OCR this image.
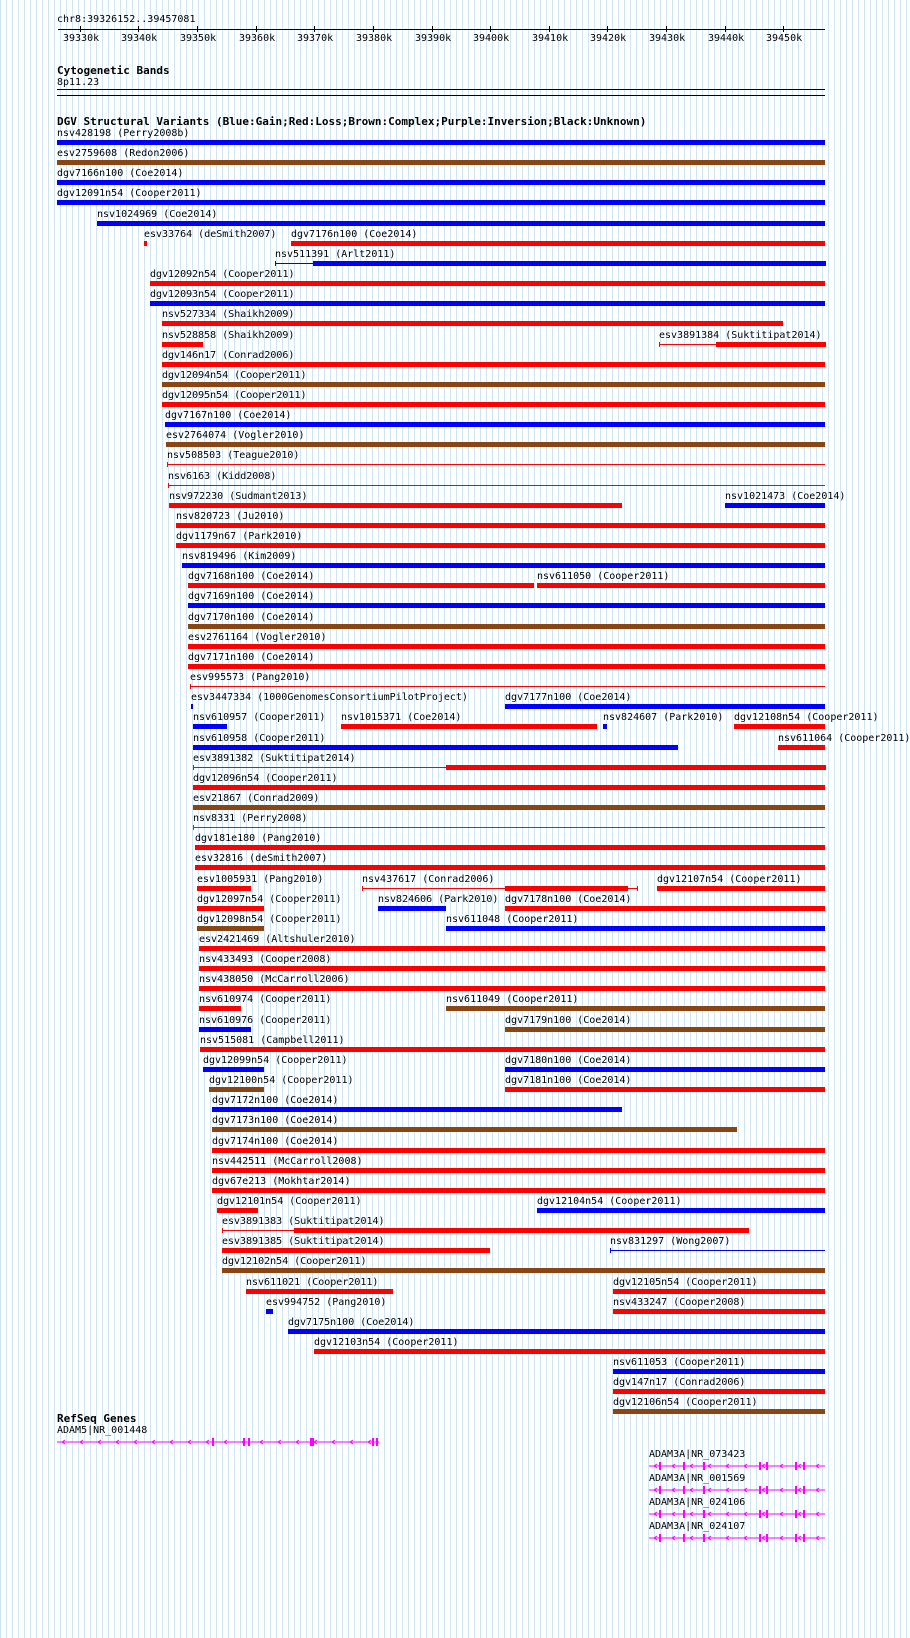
chr8:39326152..39457081
39330k 39340k 39350k 39360k 39370k 39380k 39390k 39400k 39410k 39420k 39430k 39440k 39450k
Cytogenetic Bands
8p11.23
DGV Structural Variants (Blue:Gain;Red:Loss;Brown:Complex;Purple:Inversion;Black:Unknown)
nsv428198 (Perry2008b)
esv2759608 (Redon2006)
dgv7166n100 (Coe2014)
dgv12091n54 (Cooper2011)
nsv1024969 (Coe2014)
esv33764 (deSmith2007)
nsv511391 (Arlt2011)
dgv12092n54 (Cooper2011)
dgv12093n54 (Cooper2011)
nsv527334 (Shaikh2009)
nsv528858 (Shaikh2009)
dgv7176n100 (Coe2014)
dgv146n17 (Conrad2006)
dgv12094n54 (Cooper2011)
dgv12095n54 (Cooper2011)
dgv7167n100 (Coe2014)
esv2764074 (Vogler2010)
nsv508503 (Teague2010)
nsv6163 (Kidd2008)
nsv972230 (Sudmant2013)
esv3891384 (Suktitipat2014)
nsv820723 (Ju2010)
dgv1179n67 (Park2010)
nsv819496 (Kim2009)
dgv7168n100 (Coe2014)	nsv611050 (Cooper2011)
dgv7169n100 (Coe2014)
dgv7170n100 (Coe2014)
esv2761164 (Vogler2010)
dgv7171n100 (Coe2014)
esv995573 (Pang2010)
esv3447334 (1000GenomesConsortiumPilotProject)	dgv7177n100 (Coe2014)
nsv610957 (Cooper2011) nsv1015371 (Coe2014)	nsv824607 (Park2010)
nsv1021473 (Coe2014)
nsv610958 (Cooper2011)
dgv12108n54 (Cooper2011)
esv3891382 (Suktitipat2014)
dgv12096n54 (Cooper2011)
esv21867 (Conrad2009)
nsv8331 (Perry2008)
dgv181e180 (Pang2010)
esv32816 (deSmith2007)
esv1005931 (Pang2010)	nsv437617 (Conrad2006)	dgv12107n54 (Cooper2011)
dgv12097n54 (Cooper2011)	nsv824606 (Park2010) dgv7178n100 (Coe2014)
dgv12098n54 (Cooper2011)	nsv611048 (Cooper2011)
esv2421469 (Altshuler2010)
nsv433493 (Cooper2008)
nsv438050 (McCarroll2006)
nsv610974 (Cooper2011)	nsv611049 (Cooper2011)
nsv610976 (Cooper2011)	dgv7179n100 (Coe2014)
nsv515081 (Campbell2011)
dgv12099n54 (Cooper2011)	dgv7180n100 (Coe2014)
dgv12100n54 (Cooper2011)	dgv7181n100 (Coe2014)
dgv7172n100 (Coe2014)
nsv611064 (Cooper2011)
dgv7173n100 (Coe2014)
dgv7174n100 (Coe2014)
nsv442511 (McCarroll2008)
dgv67e213 (Mokhtar2014)
dgv12101n54 (Cooper2011)	dgv12104n54 (Cooper2011)
esv3891383 (Suktitipat2014)
esv3891385 (Suktitipat2014)	nsv831297 (Wong2007)
dgv12102n54 (Cooper2011)
nsv611021 (Cooper2011)	dgv12105n54 (Cooper2011)
esv994752 (Pang2010)	nsv433247 (Cooper2008)
dgv7175n100 (Coe2014)
dgv12103n54 (Cooper2011)
nsv611053 (Cooper2011)
dgv147n17 (Conrad2006)
dgv12106n54 (Cooper2011)
RefSeq Genes
ADAM5|NR_001448
ADAM3A|NR_073423
ADAM3A|NR_001569
ADAM3A|NR_024106
ADAM3A|NR_024107
